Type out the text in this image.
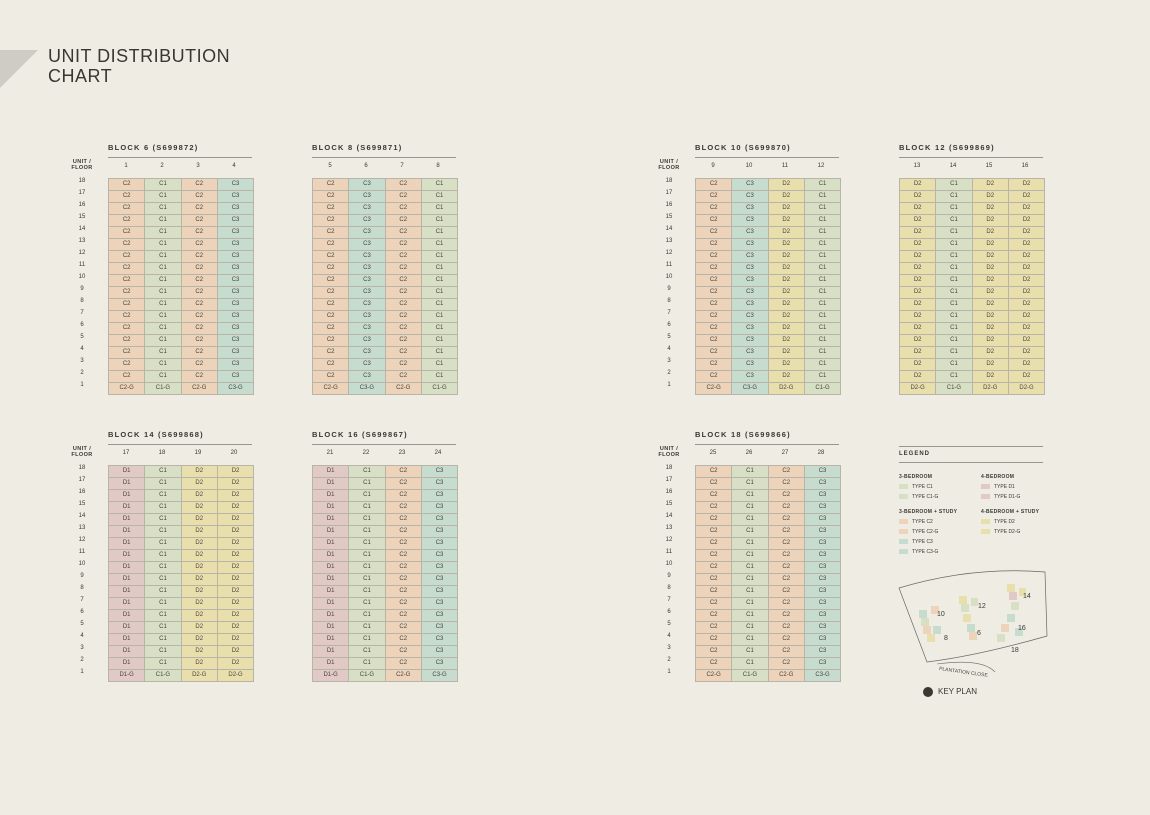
UNIT DISTRIBUTION
CHART
BLOCK 6 (S699872)
UNIT /
FLOOR
18
17
16
15
14
13
12
11
10
9
8
7
6
5
4
3
2
1
1	2	3	4
C2	C1	C2	C3
C2	C1	C2	C3
C2	C1	C2	C3
C2	C1	C2	C3
C2	C1	C2	C3
C2	C1	C2	C3
C2	C1	C2	C3
C2	C1	C2	C3
C2	C1	C2	C3
C2	C1	C2	C3
C2	C1	C2	C3
C2	C1	C2	C3
C2	C1	C2	C3
C2	C1	C2	C3
C2	C1	C2	C3
C2	C1	C2	C3
C2	C1	C2	C3
C2-G	C1-G	C2-G	C3-G
BLOCK 8 (S699871)
5	6	7	8
C2	C3	C2	C1
C2	C3	C2	C1
C2	C3	C2	C1
C2	C3	C2	C1
C2	C3	C2	C1
C2	C3	C2	C1
C2	C3	C2	C1
C2	C3	C2	C1
C2	C3	C2	C1
C2	C3	C2	C1
C2	C3	C2	C1
C2	C3	C2	C1
C2	C3	C2	C1
C2	C3	C2	C1
C2	C3	C2	C1
C2	C3	C2	C1
C2	C3	C2	C1
C2-G	C3-G	C2-G	C1-G
BLOCK 10 (S699870)
UNIT /
FLOOR
18
17
16
15
14
13
12
11
10
9
8
7
6
5
4
3
2
1
9	10	11	12
C2	C3	D2	C1
C2	C3	D2	C1
C2	C3	D2	C1
C2	C3	D2	C1
C2	C3	D2	C1
C2	C3	D2	C1
C2	C3	D2	C1
C2	C3	D2	C1
C2	C3	D2	C1
C2	C3	D2	C1
C2	C3	D2	C1
C2	C3	D2	C1
C2	C3	D2	C1
C2	C3	D2	C1
C2	C3	D2	C1
C2	C3	D2	C1
C2	C3	D2	C1
C2-G	C3-G	D2-G	C1-G
BLOCK 12 (S699869)
13	14	15	16
D2	C1	D2	D2
D2	C1	D2	D2
D2	C1	D2	D2
D2	C1	D2	D2
D2	C1	D2	D2
D2	C1	D2	D2
D2	C1	D2	D2
D2	C1	D2	D2
D2	C1	D2	D2
D2	C1	D2	D2
D2	C1	D2	D2
D2	C1	D2	D2
D2	C1	D2	D2
D2	C1	D2	D2
D2	C1	D2	D2
D2	C1	D2	D2
D2	C1	D2	D2
D2-G	C1-G	D2-G	D2-G
BLOCK 14 (S699868)
UNIT /
FLOOR
18
17
16
15
14
13
12
11
10
9
8
7
6
5
4
3
2
1
17	18	19	20
D1	C1	D2	D2
D1	C1	D2	D2
D1	C1	D2	D2
D1	C1	D2	D2
D1	C1	D2	D2
D1	C1	D2	D2
D1	C1	D2	D2
D1	C1	D2	D2
D1	C1	D2	D2
D1	C1	D2	D2
D1	C1	D2	D2
D1	C1	D2	D2
D1	C1	D2	D2
D1	C1	D2	D2
D1	C1	D2	D2
D1	C1	D2	D2
D1	C1	D2	D2
D1-G	C1-G	D2-G	D2-G
BLOCK 16 (S699867)
21	22	23	24
D1	C1	C2	C3
D1	C1	C2	C3
D1	C1	C2	C3
D1	C1	C2	C3
D1	C1	C2	C3
D1	C1	C2	C3
D1	C1	C2	C3
D1	C1	C2	C3
D1	C1	C2	C3
D1	C1	C2	C3
D1	C1	C2	C3
D1	C1	C2	C3
D1	C1	C2	C3
D1	C1	C2	C3
D1	C1	C2	C3
D1	C1	C2	C3
D1	C1	C2	C3
D1-G	C1-G	C2-G	C3-G
BLOCK 18 (S699866)
UNIT /
FLOOR
18
17
16
15
14
13
12
11
10
9
8
7
6
5
4
3
2
1
25	26	27	28
C2	C1	C2	C3
C2	C1	C2	C3
C2	C1	C2	C3
C2	C1	C2	C3
C2	C1	C2	C3
C2	C1	C2	C3
C2	C1	C2	C3
C2	C1	C2	C3
C2	C1	C2	C3
C2	C1	C2	C3
C2	C1	C2	C3
C2	C1	C2	C3
C2	C1	C2	C3
C2	C1	C2	C3
C2	C1	C2	C3
C2	C1	C2	C3
C2	C1	C2	C3
C2-G	C1-G	C2-G	C3-G
LEGEND
3-BEDROOM
TYPE C1
TYPE C1-G
4-BEDROOM
TYPE D1
TYPE D1-G
3-BEDROOM + STUDY
TYPE C2
TYPE C2-G
TYPE C3
TYPE C3-G
4-BEDROOM + STUDY
TYPE D2
TYPE D2-G
PLANTATION CLOSE
10
8
12
6
14
16
18
KEY PLAN
